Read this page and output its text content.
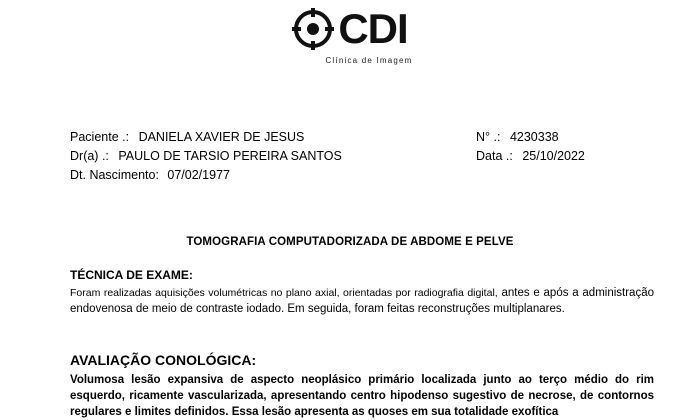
CDI
Clínica de Imagem
Paciente .: DANIELA XAVIER DE JESUS	N° .: 4230338
Dr(a) .: PAULO DE TARSIO PEREIRA SANTOS	Data .: 25/10/2022
Dt. Nascimento: 07/02/1977
TOMOGRAFIA COMPUTADORIZADA DE ABDOME E PELVE
TÉCNICA DE EXAME:
Foram realizadas aquisições volumétricas no plano axial, orientadas por radiografia digital, antes e após a administração endovenosa de meio de contraste iodado. Em seguida, foram feitas reconstruções multiplanares.
AVALIAÇÃO CONOLÓGICA:
Volumosa lesão expansiva de aspecto neoplásico primário localizada junto ao terço médio do rim esquerdo, ricamente vascularizada, apresentando centro hipodenso sugestivo de necrose, de contornos regulares e limites definidos. Essa lesão apresenta as quoses em sua totalidade exofítica
